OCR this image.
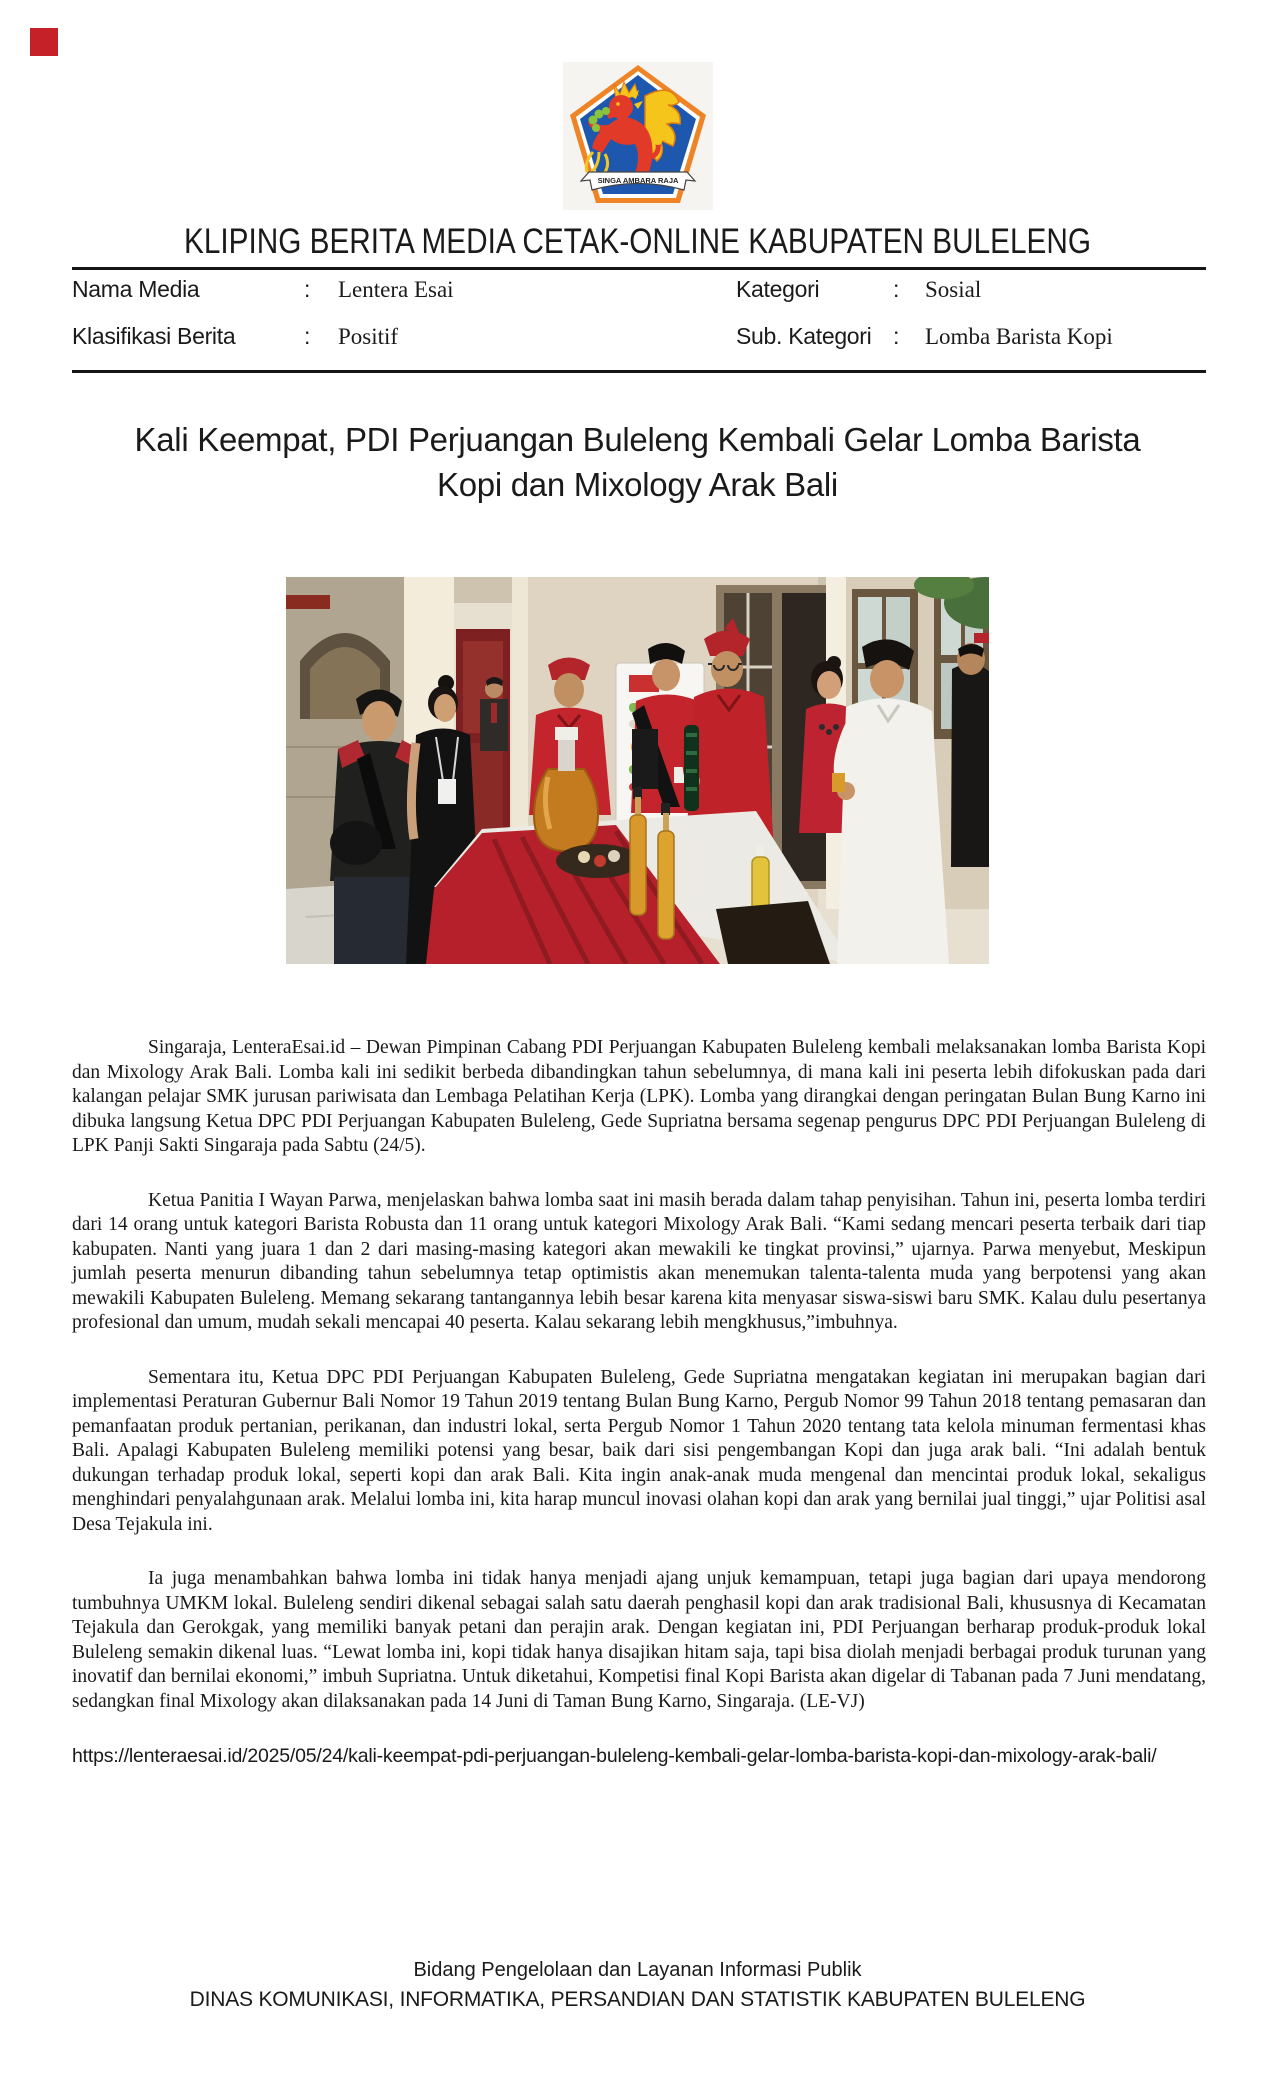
SINGA AMBARA RAJA
KLIPING BERITA MEDIA CETAK-ONLINE KABUPATEN BULELENG
Nama Media	:	Lentera Esai
Klasifikasi Berita	:	Positif
Kategori	:	Sosial
Sub. Kategori :	Lomba Barista Kopi
Kali Keempat, PDI Perjuangan Buleleng Kembali Gelar Lomba Barista Kopi dan Mixology Arak Bali

Singaraja, LenteraEsai.id – Dewan Pimpinan Cabang PDI Perjuangan Kabupaten Buleleng kembali melaksanakan lomba Barista Kopi dan Mixology Arak Bali. Lomba kali ini sedikit berbeda dibandingkan tahun sebelumnya, di mana kali ini peserta lebih difokuskan pada dari kalangan pelajar SMK jurusan pariwisata dan Lembaga Pelatihan Kerja (LPK). Lomba yang dirangkai dengan peringatan Bulan Bung Karno ini dibuka langsung Ketua DPC PDI Perjuangan Kabupaten Buleleng, Gede Supriatna bersama segenap pengurus DPC PDI Perjuangan Buleleng di LPK Panji Sakti Singaraja pada Sabtu (24/5).

Ketua Panitia I Wayan Parwa, menjelaskan bahwa lomba saat ini masih berada dalam tahap penyisihan. Tahun ini, peserta lomba terdiri dari 14 orang untuk kategori Barista Robusta dan 11 orang untuk kategori Mixology Arak Bali. “Kami sedang mencari peserta terbaik dari tiap kabupaten. Nanti yang juara 1 dan 2 dari masing-masing kategori akan mewakili ke tingkat provinsi,” ujarnya. Parwa menyebut, Meskipun jumlah peserta menurun dibanding tahun sebelumnya tetap optimistis akan menemukan talenta-talenta muda yang berpotensi yang akan mewakili Kabupaten Buleleng. Memang sekarang tantangannya lebih besar karena kita menyasar siswa-siswi baru SMK. Kalau dulu pesertanya profesional dan umum, mudah sekali mencapai 40 peserta. Kalau sekarang lebih mengkhusus,”imbuhnya.

Sementara itu, Ketua DPC PDI Perjuangan Kabupaten Buleleng, Gede Supriatna mengatakan kegiatan ini merupakan bagian dari implementasi Peraturan Gubernur Bali Nomor 19 Tahun 2019 tentang Bulan Bung Karno, Pergub Nomor 99 Tahun 2018 tentang pemasaran dan pemanfaatan produk pertanian, perikanan, dan industri lokal, serta Pergub Nomor 1 Tahun 2020 tentang tata kelola minuman fermentasi khas Bali. Apalagi Kabupaten Buleleng memiliki potensi yang besar, baik dari sisi pengembangan Kopi dan juga arak bali. “Ini adalah bentuk dukungan terhadap produk lokal, seperti kopi dan arak Bali. Kita ingin anak-anak muda mengenal dan mencintai produk lokal, sekaligus menghindari penyalahgunaan arak. Melalui lomba ini, kita harap muncul inovasi olahan kopi dan arak yang bernilai jual tinggi,” ujar Politisi asal Desa Tejakula ini.

Ia juga menambahkan bahwa lomba ini tidak hanya menjadi ajang unjuk kemampuan, tetapi juga bagian dari upaya mendorong tumbuhnya UMKM lokal. Buleleng sendiri dikenal sebagai salah satu daerah penghasil kopi dan arak tradisional Bali, khususnya di Kecamatan Tejakula dan Gerokgak, yang memiliki banyak petani dan perajin arak. Dengan kegiatan ini, PDI Perjuangan berharap produk-produk lokal Buleleng semakin dikenal luas. “Lewat lomba ini, kopi tidak hanya disajikan hitam saja, tapi bisa diolah menjadi berbagai produk turunan yang inovatif dan bernilai ekonomi,” imbuh Supriatna. Untuk diketahui, Kompetisi final Kopi Barista akan digelar di Tabanan pada 7 Juni mendatang, sedangkan final Mixology akan dilaksanakan pada 14 Juni di Taman Bung Karno, Singaraja. (LE-VJ)

https://lenteraesai.id/2025/05/24/kali-keempat-pdi-perjuangan-buleleng-kembali-gelar-lomba-barista-kopi-dan-mixology-arak-bali/
Bidang Pengelolaan dan Layanan Informasi Publik
DINAS KOMUNIKASI, INFORMATIKA, PERSANDIAN DAN STATISTIK KABUPATEN BULELENG
